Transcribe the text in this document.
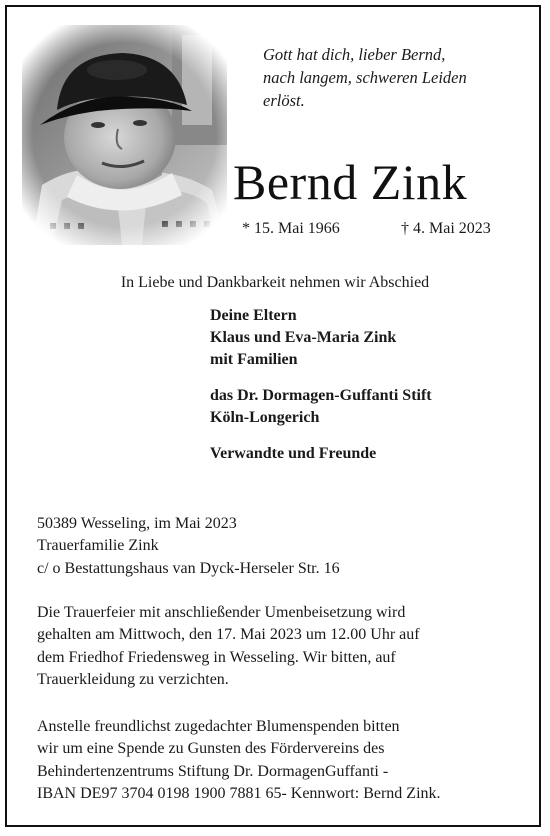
Gott hat dich, lieber Bernd,
nach langem, schweren Leiden
erlöst.
Bernd Zink
* 15. Mai 1966	† 4. Mai 2023
In Liebe und Dankbarkeit nehmen wir Abschied
Deine Eltern
Klaus und Eva-Maria Zink
mit Familien
das Dr. Dormagen-Guffanti Stift
Köln-Longerich
Verwandte und Freunde
50389 Wesseling, im Mai 2023
Trauerfamilie Zink
c/ o Bestattungshaus van Dyck-Herseler Str. 16
Die Trauerfeier mit anschließender Umenbeisetzung wird
gehalten am Mittwoch, den 17. Mai 2023 um 12.00 Uhr auf
dem Friedhof Friedensweg in Wesseling. Wir bitten, auf
Trauerkleidung zu verzichten.
Anstelle freundlichst zugedachter Blumenspenden bitten
wir um eine Spende zu Gunsten des Fördervereins des
Behindertenzentrums Stiftung Dr. DormagenGuffanti -
IBAN DE97 3704 0198 1900 7881 65- Kennwort: Bernd Zink.
